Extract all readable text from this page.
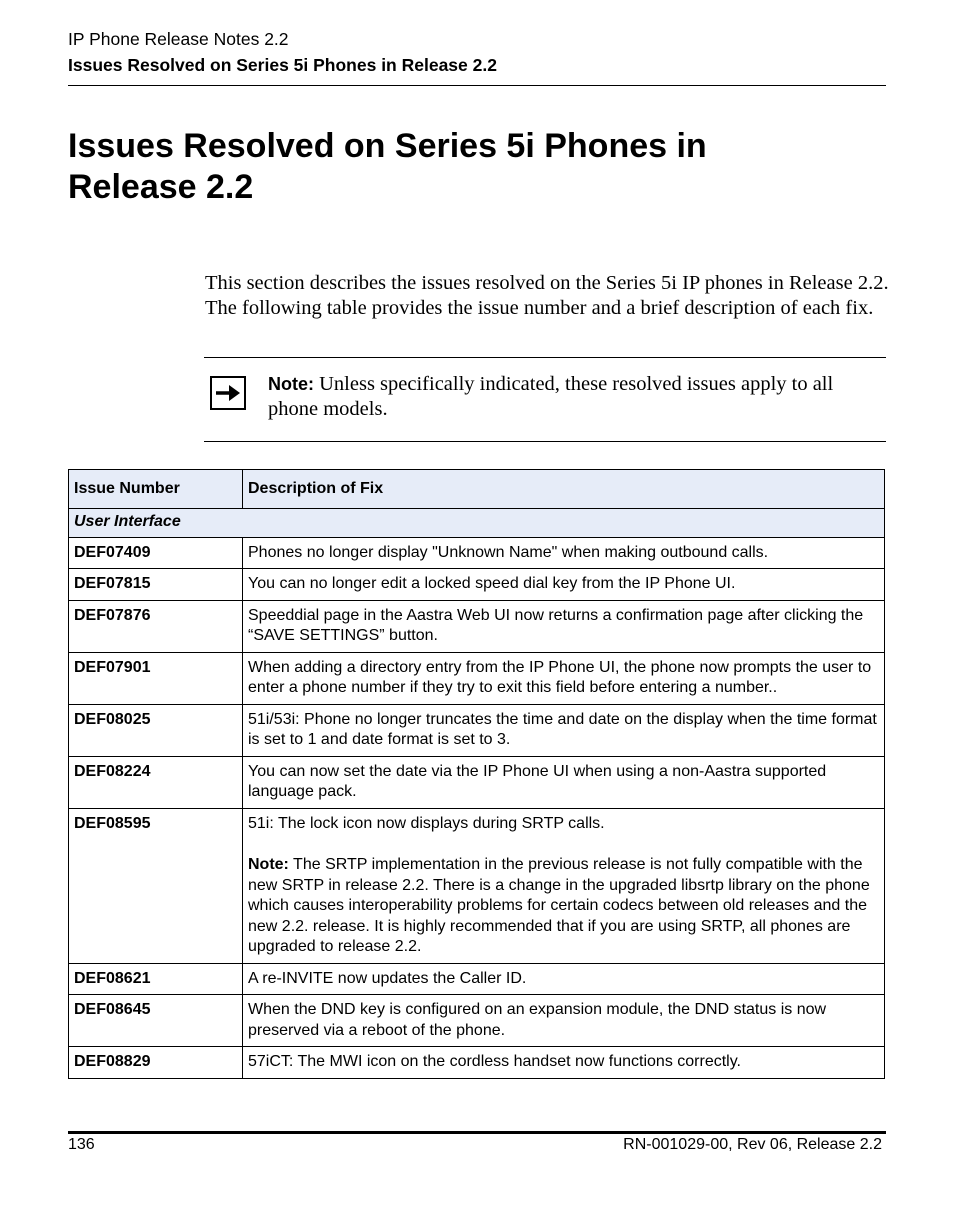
IP Phone Release Notes 2.2
Issues Resolved on Series 5i Phones in Release 2.2
Issues Resolved on Series 5i Phones in Release 2.2
This section describes the issues resolved on the Series 5i IP phones in Release 2.2. The following table provides the issue number and a brief description of each fix.
Note: Unless specifically indicated, these resolved issues apply to all phone models.
Issue Number	Description of Fix
User Interface	
DEF07409	Phones no longer display "Unknown Name" when making outbound calls.
DEF07815	You can no longer edit a locked speed dial key from the IP Phone UI.
DEF07876	Speeddial page in the Aastra Web UI now returns a confirmation page after clicking the “SAVE SETTINGS” button.
DEF07901	When adding a directory entry from the IP Phone UI, the phone now prompts the user to enter a phone number if they try to exit this field before entering a number..
DEF08025	51i/53i: Phone no longer truncates the time and date on the display when the time format is set to 1 and date format is set to 3.
DEF08224	You can now set the date via the IP Phone UI when using a non-Aastra supported language pack.
DEF08595	51i: The lock icon now displays during SRTP calls.

Note: The SRTP implementation in the previous release is not fully compatible with the new SRTP in release 2.2. There is a change in the upgraded libsrtp library on the phone which causes interoperability problems for certain codecs between old releases and the new 2.2. release. It is highly recommended that if you are using SRTP, all phones are upgraded to release 2.2.

DEF08621	A re-INVITE now updates the Caller ID.
DEF08645	When the DND key is configured on an expansion module, the DND status is now preserved via a reboot of the phone.
DEF08829	57iCT: The MWI icon on the cordless handset now functions correctly.
136	RN-001029-00, Rev 06, Release 2.2
